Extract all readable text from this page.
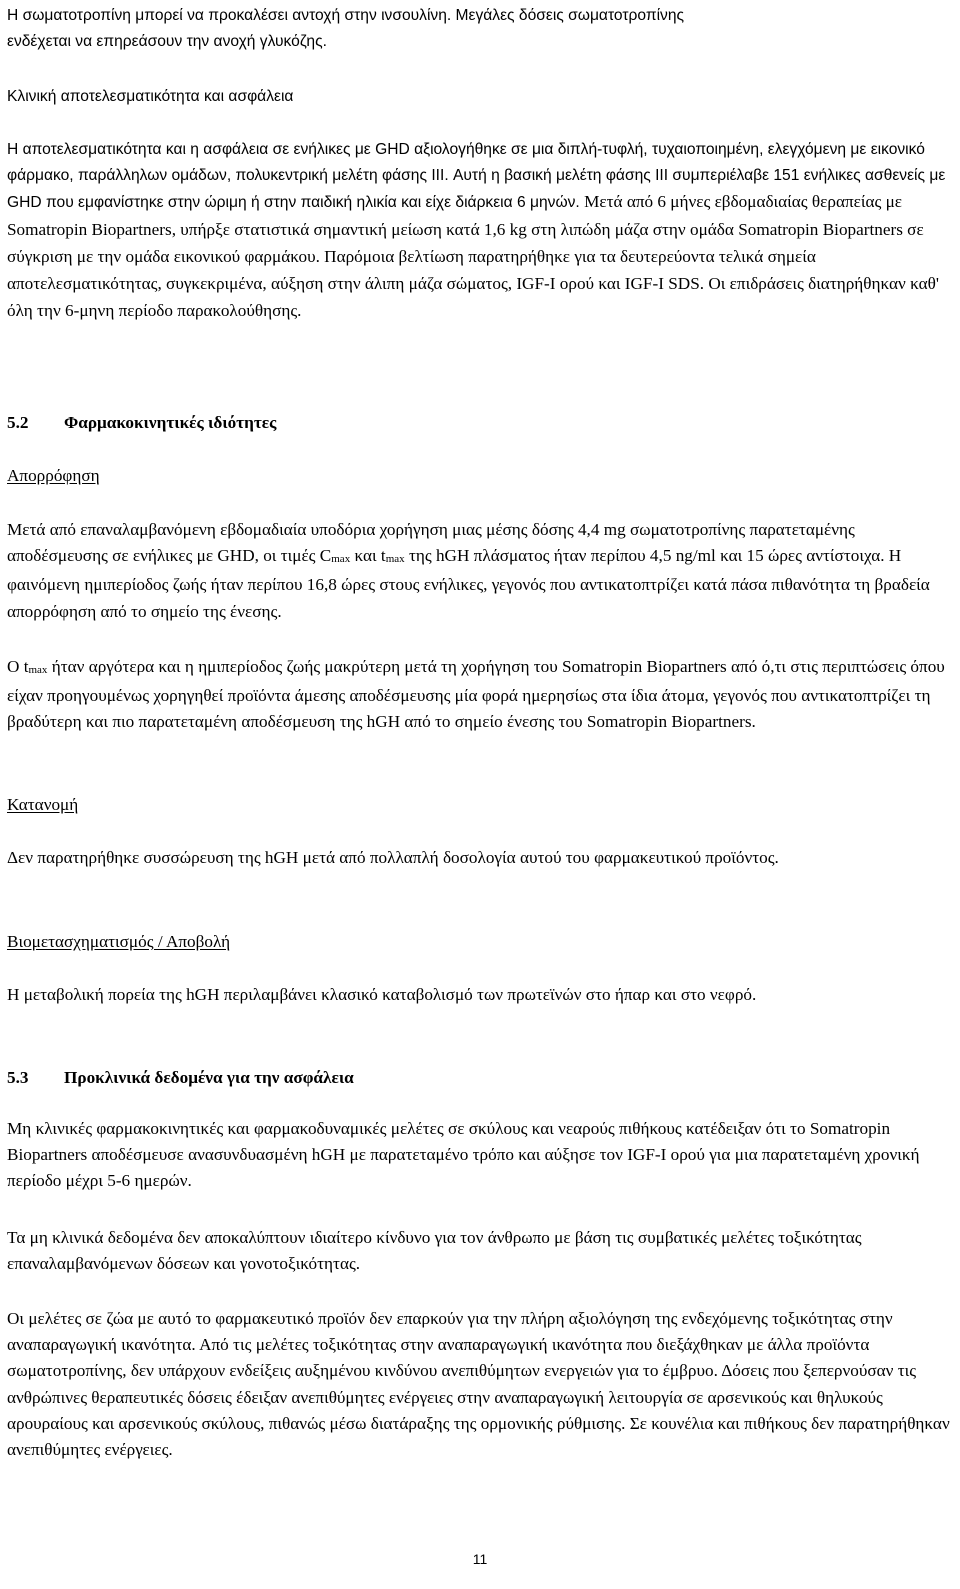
Η σωματοτροπίνη μπορεί να προκαλέσει αντοχή στην ινσουλίνη. Μεγάλες δόσεις σωματοτροπίνης

ενδέχεται να επηρεάσουν την ανοχή γλυκόζης.

Κλινική αποτελεσματικότητα και ασφάλεια

Η αποτελεσματικότητα και η ασφάλεια σε ενήλικες με GHD αξιολογήθηκε σε μια διπλή-τυφλή, τυχαιοποιημένη, ελεγχόμενη με εικονικό φάρμακο, παράλληλων ομάδων, πολυκεντρική μελέτη φάσης III. Αυτή η βασική μελέτη φάσης III συμπεριέλαβε 151 ενήλικες ασθενείς με GHD που εμφανίστηκε στην ώριμη ή στην παιδική ηλικία και είχε διάρκεια 6 μηνών. Μετά από 6 μήνες εβδομαδιαίας θεραπείας με Somatropin Biopartners, υπήρξε στατιστικά σημαντική μείωση κατά 1,6 kg στη λιπώδη μάζα στην ομάδα Somatropin Biopartners σε σύγκριση με την ομάδα εικονικού φαρμάκου. Παρόμοια βελτίωση παρατηρήθηκε για τα δευτερεύοντα τελικά σημεία αποτελεσματικότητας, συγκεκριμένα, αύξηση στην άλιπη μάζα σώματος, IGF-I ορού και IGF-I SDS. Οι επιδράσεις διατηρήθηκαν καθ' όλη την 6-μηνη περίοδο παρακολούθησης.

5.2 Φαρμακοκινητικές ιδιότητες
Απορρόφηση

Μετά από επαναλαμβανόμενη εβδομαδιαία υποδόρια χορήγηση μιας μέσης δόσης 4,4 mg σωματοτροπίνης παρατεταμένης αποδέσμευσης σε ενήλικες με GHD, οι τιμές $C_{max}$ και $t_{max}$ της hGH πλάσματος ήταν περίπου 4,5 ng/ml και 15 ώρες αντίστοιχα. Η φαινόμενη ημιπερίοδος ζωής ήταν περίπου 16,8 ώρες στους ενήλικες, γεγονός που αντικατοπτρίζει κατά πάσα πιθανότητα τη βραδεία απορρόφηση από το σημείο της ένεσης.

Ο $t_{max}$ ήταν αργότερα και η ημιπερίοδος ζωής μακρύτερη μετά τη χορήγηση του Somatropin Biopartners από ό,τι στις περιπτώσεις όπου είχαν προηγουμένως χορηγηθεί προϊόντα άμεσης αποδέσμευσης μία φορά ημερησίως στα ίδια άτομα, γεγονός που αντικατοπτρίζει τη βραδύτερη και πιο παρατεταμένη αποδέσμευση της hGH από το σημείο ένεσης του Somatropin Biopartners.

Κατανομή

Δεν παρατηρήθηκε συσσώρευση της hGH μετά από πολλαπλή δοσολογία αυτού του φαρμακευτικού προϊόντος.

Βιομετασχηματισμός / Αποβολή

Η μεταβολική πορεία της hGH περιλαμβάνει κλασικό καταβολισμό των πρωτεϊνών στο ήπαρ και στο νεφρό.

5.3 Προκλινικά δεδομένα για την ασφάλεια

Μη κλινικές φαρμακοκινητικές και φαρμακοδυναμικές μελέτες σε σκύλους και νεαρούς πιθήκους κατέδειξαν ότι το Somatropin Biopartners αποδέσμευσε ανασυνδυασμένη hGH με παρατεταμένο τρόπο και αύξησε τον IGF-I ορού για μια παρατεταμένη χρονική περίοδο μέχρι 5-6 ημερών.

Τα μη κλινικά δεδομένα δεν αποκαλύπτουν ιδιαίτερο κίνδυνο για τον άνθρωπο με βάση τις συμβατικές μελέτες τοξικότητας επαναλαμβανόμενων δόσεων και γονοτοξικότητας.

Οι μελέτες σε ζώα με αυτό το φαρμακευτικό προϊόν δεν επαρκούν για την πλήρη αξιολόγηση της ενδεχόμενης τοξικότητας στην αναπαραγωγική ικανότητα. Από τις μελέτες τοξικότητας στην αναπαραγωγική ικανότητα που διεξάχθηκαν με άλλα προϊόντα σωματοτροπίνης, δεν υπάρχουν ενδείξεις αυξημένου κινδύνου ανεπιθύμητων ενεργειών για το έμβρυο. Δόσεις που ξεπερνούσαν τις ανθρώπινες θεραπευτικές δόσεις έδειξαν ανεπιθύμητες ενέργειες στην αναπαραγωγική λειτουργία σε αρσενικούς και θηλυκούς αρουραίους και αρσενικούς σκύλους, πιθανώς μέσω διατάραξης της ορμονικής ρύθμισης. Σε κουνέλια και πιθήκους δεν παρατηρήθηκαν ανεπιθύμητες ενέργειες.

11
